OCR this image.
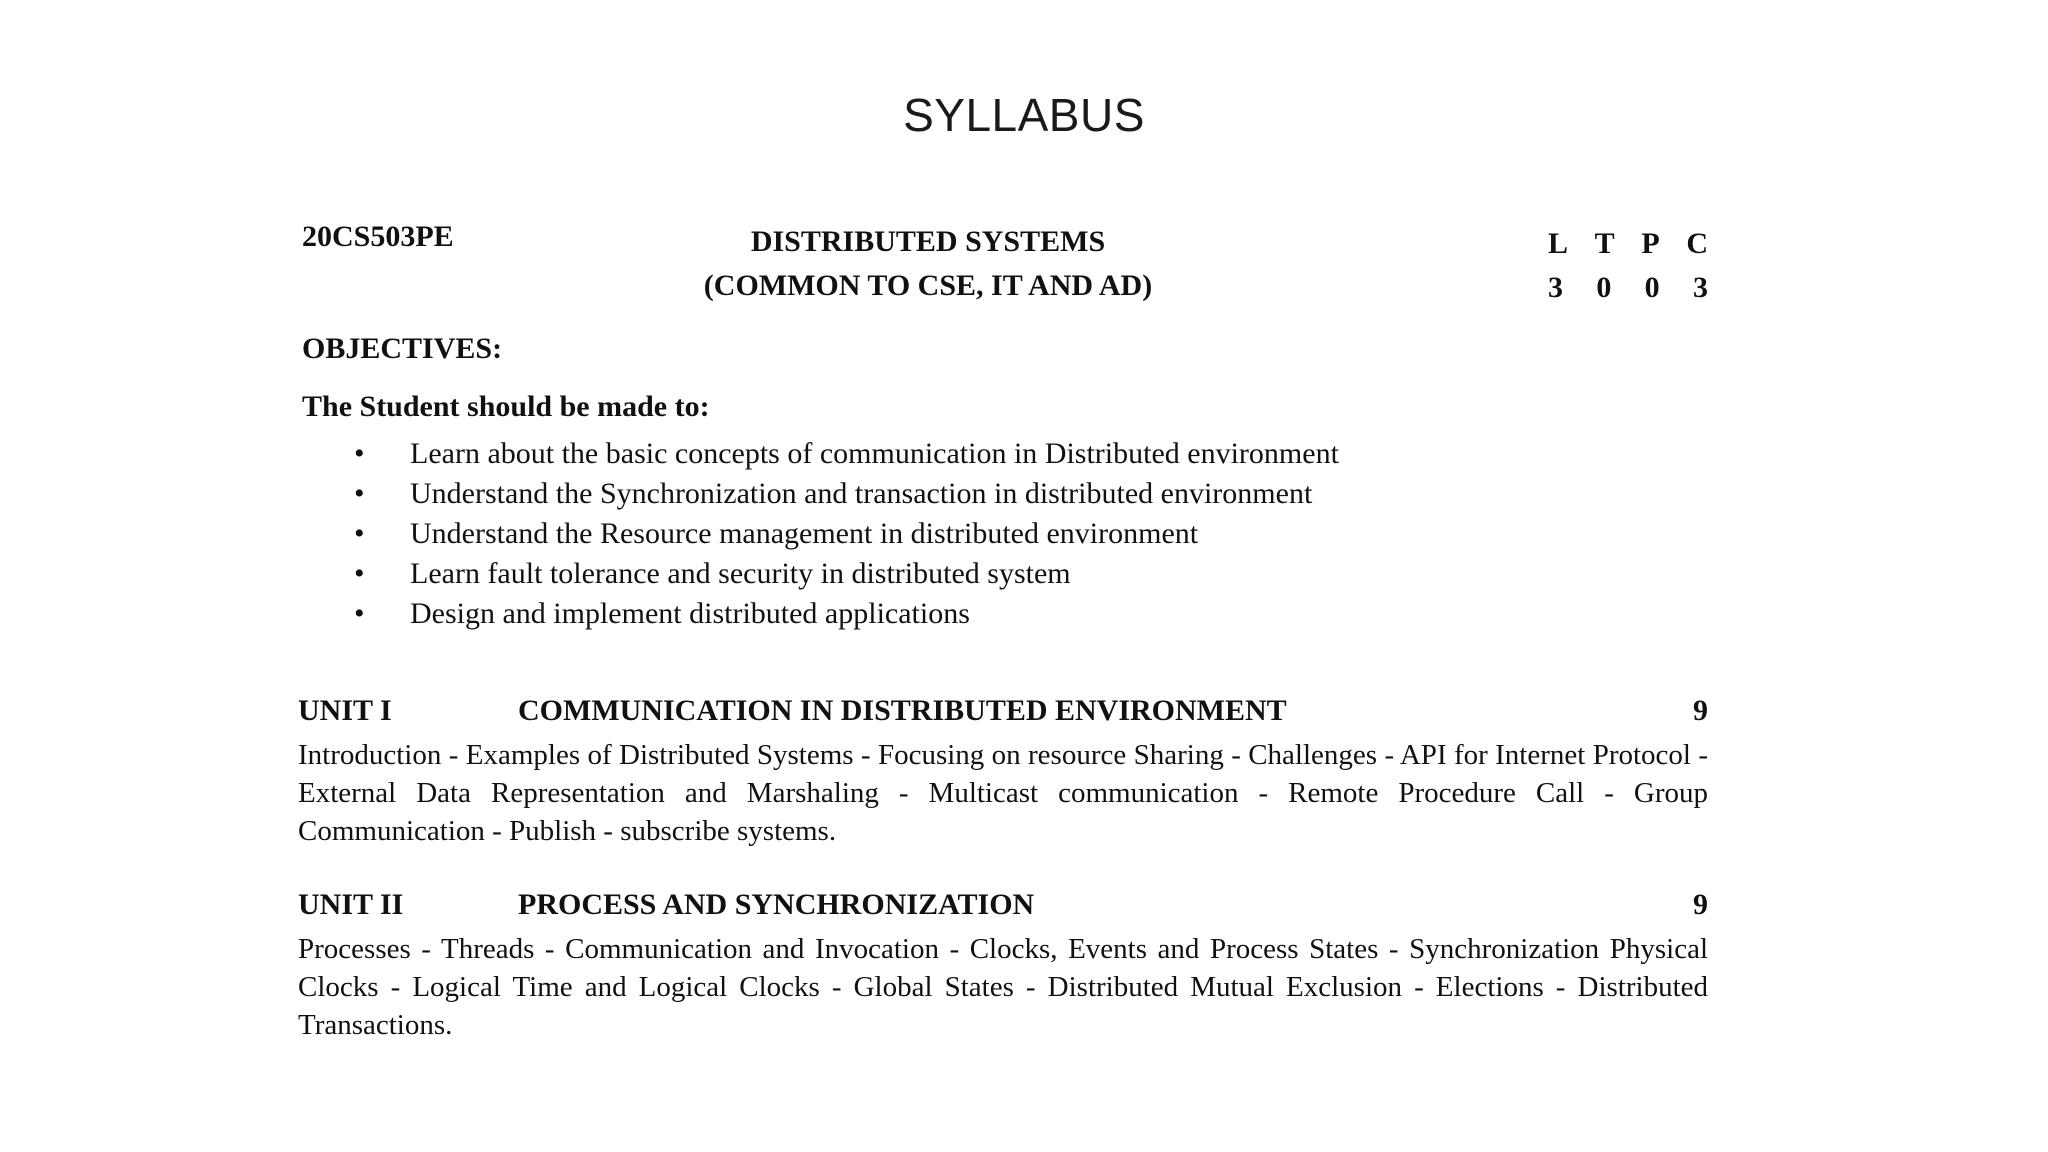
SYLLABUS
20CS503PE	DISTRIBUTED SYSTEMS
(COMMON TO CSE, IT AND AD)
L T P C
3 0 0 3
OBJECTIVES:
The Student should be made to:
• Learn about the basic concepts of communication in Distributed environment
• Understand the Synchronization and transaction in distributed environment
• Understand the Resource management in distributed environment
• Learn fault tolerance and security in distributed system
• Design and implement distributed applications
UNIT I	COMMUNICATION IN DISTRIBUTED ENVIRONMENT	9
Introduction - Examples of Distributed Systems - Focusing on resource Sharing - Challenges - API for Internet Protocol - External Data Representation and Marshaling - Multicast communication - Remote Procedure Call - Group Communication - Publish - subscribe systems.
UNIT II	PROCESS AND SYNCHRONIZATION	9
Processes - Threads - Communication and Invocation - Clocks, Events and Process States - Synchronization Physical Clocks - Logical Time and Logical Clocks - Global States - Distributed Mutual Exclusion - Elections - Distributed Transactions.
